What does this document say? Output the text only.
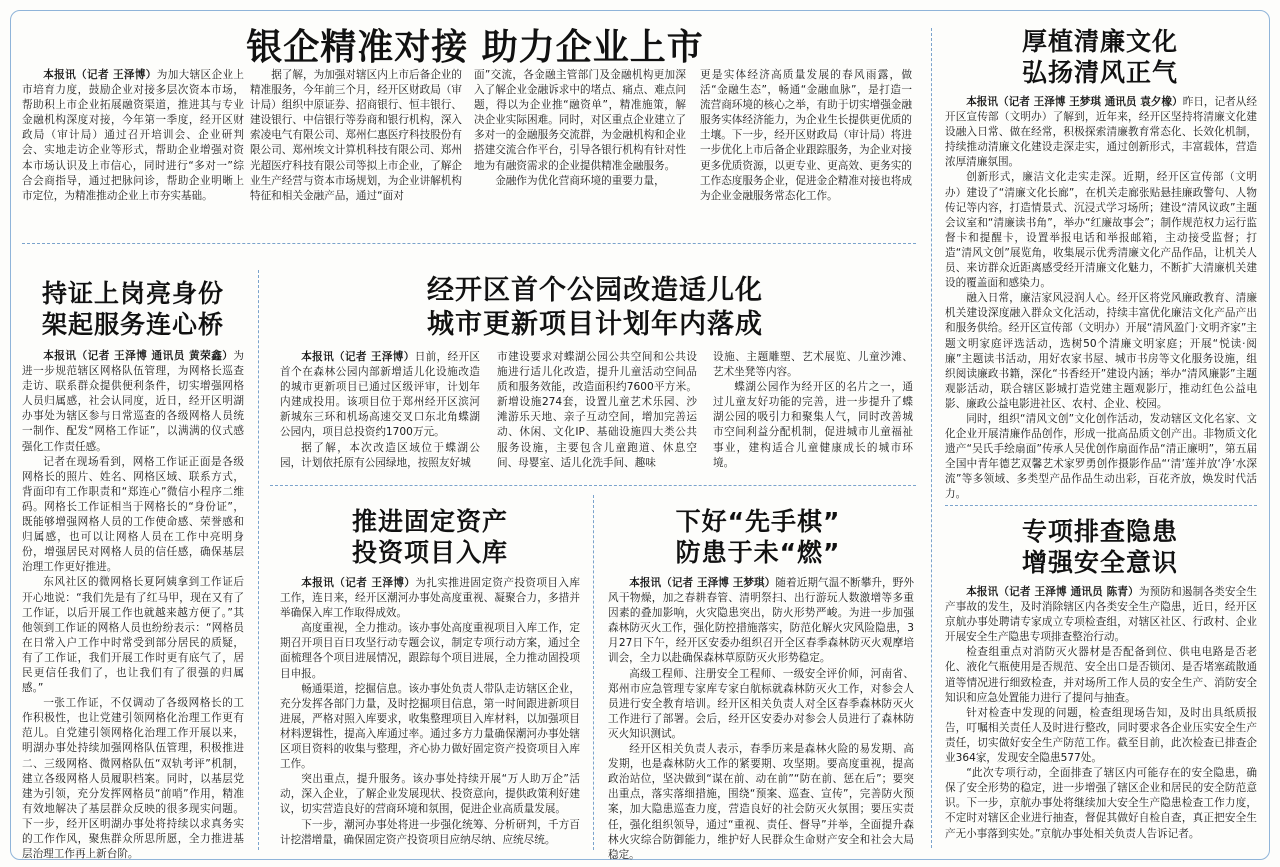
银企精准对接 助力企业上市

本报讯（记者 王泽博）为加大辖区企业上市培育力度，鼓励企业对接多层次资本市场，帮助积上市企业拓展融资渠道，推进其与专业金融机构深度对接，今年第一季度，经开区财政局（审计局）通过召开培训会、企业研判会、实地走访企业等形式，帮助企业增强对资本市场认识及上市信心，同时进行“多对一”综合会商指导，通过把脉问诊，帮助企业明晰上市定位，为精准推动企业上市夯实基础。

据了解，为加强对辖区内上市后备企业的精准服务，今年前三个月，经开区财政局（审计局）组织中原证券、招商银行、恒丰银行、建设银行、中信银行等券商和银行机构，深入索凌电气有限公司、郑州仁惠医疗科技股份有限公司、郑州埃文计算机科技有限公司、郑州光超医疗科技有限公司等拟上市企业，了解企业生产经营与资本市场规划，为企业讲解机构特征和相关金融产品，通过“面对

面”交流，各金融主管部门及金融机构更加深入了解企业金融诉求中的堵点、痛点、难点问题，得以为企业推“融资单”，精准施策，解决企业实际困难。同时，对区重点企业建立了多对一的金融服务交流群，为金融机构和企业搭建交流合作平台，引导各银行机构有针对性地为有融资需求的企业提供精准金融服务。

金融作为优化营商环境的重要力量，

更是实体经济高质量发展的春风雨露，做活“金融生态”，畅通“金融血脉”，是打造一流营商环境的核心之举，有助于切实增强金融服务实体经济能力，为企业生长提供更优质的土壤。下一步，经开区财政局（审计局）将进一步优化上市后备企业跟踪服务，为企业对接更多优质资源，以更专业、更高效、更务实的工作态度服务企业，促进金企精准对接也将成为企业金融服务常态化工作。

持证上岗亮身份
架起服务连心桥

本报讯（记者 王泽博 通讯员 黄荣鑫）为进一步规范辖区网格队伍管理，为网格长巡查走访、联系群众提供便利条件，切实增强网格人员归属感，社会认同度，近日，经开区明湖办事处为辖区参与日常巡查的各级网格人员统一制作、配发“网格工作证”，以满满的仪式感强化工作责任感。

记者在现场看到，网格工作证正面是各级网格长的照片、姓名、网格区域、联系方式，背面印有工作职责和“郑连心”微信小程序二维码。网格长工作证相当于网格长的“身份证”，既能够增强网格人员的工作使命感、荣誉感和归属感，也可以让网格人员在工作中亮明身份，增强居民对网格人员的信任感，确保基层治理工作更好推进。

东风社区的微网格长夏阿姨拿到工作证后开心地说：“我们先是有了红马甲，现在又有了工作证，以后开展工作也就越来越方便了。”其他领到工作证的网格人员也纷纷表示：“网格员在日常入户工作中时常受到部分居民的质疑，有了工作证，我们开展工作时更有底气了，居民更信任我们了，也让我们有了很强的归属感。”

一张工作证，不仅调动了各级网格长的工作积极性，也让党建引领网格化治理工作更有范儿。自党建引领网格化治理工作开展以来，明湖办事处持续加强网格队伍管理，积极推进二、三级网格、微网格队伍“双轨考评”机制，建立各级网格人员履职档案。同时，以基层党建为引领，充分发挥网格员“前哨”作用，精准有效地解决了基层群众反映的很多现实问题。下一步，经开区明湖办事处将持续以求真务实的工作作风，聚焦群众所思所愿，全力推进基层治理工作再上新台阶。

经开区首个公园改造适儿化
城市更新项目计划年内落成

本报讯（记者 王泽博）日前，经开区首个在森林公园内部新增适儿化设施改造的城市更新项目已通过区级评审，计划年内建成投用。该项目位于郑州经开区滨河新城东三环和机场高速交叉口东北角蝶湖公园内，项目总投资约1700万元。

据了解，本次改造区域位于蝶湖公园，计划依托原有公园绿地，按照友好城

市建设要求对蝶湖公园公共空间和公共设施进行适儿化改造，提升儿童活动空间品质和服务效能，改造面积约7600平方米。新增设施274套，设置儿童艺术乐园、沙滩游乐天地、亲子互动空间，增加完善运动、休闲、文化IP、基础设施四大类公共服务设施，主要包含儿童跑道、休息空间、母婴室、适儿化洗手间、趣味

设施、主题雕塑、艺术展览、儿童沙滩、艺术坐凳等内容。

蝶湖公园作为经开区的名片之一，通过儿童友好功能的完善，进一步提升了蝶湖公园的吸引力和聚集人气，同时改善城市空间利益分配机制，促进城市儿童福祉事业，建构适合儿童健康成长的城市环境。

推进固定资产
投资项目入库

本报讯（记者 王泽博）为扎实推进固定资产投资项目入库工作，连日来，经开区潮河办事处高度重视、凝聚合力，多措并举确保入库工作取得成效。

高度重视，全力推动。该办事处高度重视项目入库工作，定期召开项目百日攻坚行动专题会议，制定专项行动方案，通过全面梳理各个项目进展情况，跟踪每个项目进展，全力推动固投项目申报。

畅通渠道，挖掘信息。该办事处负责人带队走访辖区企业，充分发挥各部门力量，及时挖掘项目信息，第一时间跟进新项目进展，严格对照入库要求，收集整理项目入库材料，以加强项目材料逻辑性，提高入库通过率。通过多方力量确保潮河办事处辖区项目资料的收集与整理，齐心协力做好固定资产投资项目入库工作。

突出重点，提升服务。该办事处持续开展“万人助万企”活动，深入企业，了解企业发展现状、投资意向，提供政策利好建议，切实营造良好的营商环境和氛围，促进企业高质量发展。

下一步，潮河办事处将进一步强化统筹、分析研判，千方百计挖潜增量，确保固定资产投资项目应纳尽纳、应统尽统。

下好“先手棋”
防患于未“燃”

本报讯（记者 王泽博 王梦琪）随着近期气温不断攀升，野外风干物燥，加之春耕春管、清明祭扫、出行游玩人数激增等多重因素的叠加影响，火灾隐患突出，防火形势严峻。为进一步加强森林防灭火工作，强化防控措施落实，防范化解火灾风险隐患，3月27日下午，经开区安委办组织召开全区春季森林防灭火观摩培训会，全力以赴确保森林草原防灭火形势稳定。

高级工程师、注册安全工程师、一级安全评价师，河南省、郑州市应急管理专家库专家白航标就森林防灭火工作，对参会人员进行安全教育培训。经开区相关负责人对全区春季森林防灭火工作进行了部署。会后，经开区安委办对参会人员进行了森林防灭火知识测试。

经开区相关负责人表示，春季历来是森林火险的易发期、高发期，也是森林防火工作的紧要期、攻坚期。要高度重视，提高政治站位，坚决做到“谋在前、动在前”“防在前、惩在后”；要突出重点，落实落细措施，围绕“预案、巡查、宣传”，完善防火预案，加大隐患巡查力度，营造良好的社会防灭火氛围；要压实责任，强化组织领导，通过“重视、责任、督导”并举，全面提升森林火灾综合防御能力，维护好人民群众生命财产安全和社会大局稳定。

厚植清廉文化
弘扬清风正气

本报讯（记者 王泽博 王梦琪 通讯员 袁夕橡）昨日，记者从经开区宣传部（文明办）了解到，近年来，经开区坚持将清廉文化建设融入日常、做在经常，积极探索清廉教育常态化、长效化机制，持续推动清廉文化建设走深走实，通过创新形式，丰富载体，营造浓厚清廉氛围。

创新形式，廉洁文化走实走深。近期，经开区宣传部（文明办）建设了“清廉文化长廊”，在机关走廊张贴悬挂廉政警句、人物传记等内容，打造情景式、沉浸式学习场所；建设“清风议政”主题会议室和“清廉读书角”，举办“红廉故事会”；制作规范权力运行监督卡和提醒卡，设置举报电话和举报邮箱，主动接受监督；打造“清风文创”展览角，收集展示优秀清廉文化产品作品，让机关人员、来访群众近距离感受经开清廉文化魅力，不断扩大清廉机关建设的覆盖面和感染力。

融入日常，廉洁家风浸润人心。经开区将党风廉政教育、清廉机关建设深度融入群众文化活动，持续丰富优化廉洁文化产品产出和服务供给。经开区宣传部（文明办）开展“清风盈门·文明齐家”主题文明家庭评选活动，选树50个清廉文明家庭；开展“悦读·阅廉”主题读书活动，用好农家书屋、城市书房等文化服务设施，组织阅读廉政书籍，深化“书香经开”建设内涵；举办“清风廉影”主题观影活动，联合辖区影城打造党建主题观影厅，推动红色公益电影、廉政公益电影进社区、农村、企业、校园。

同时，组织“清风文创”文化创作活动，发动辖区文化名家、文化企业开展清廉作品创作，形成一批高品质文创产出。非物质文化遗产“吴氏手绘扇面”传承人吴优创作扇面作品“清正廉明”，第五届全国中青年德艺双馨艺术家罗勇创作摄影作品“‘清’莲并放‘净’水深流”等多领域、多类型产品作品生动出彩，百花齐放，焕发时代活力。

专项排查隐患
增强安全意识

本报讯（记者 王泽博 通讯员 陈青）为预防和遏制各类安全生产事故的发生，及时消除辖区内各类安全生产隐患，近日，经开区京航办事处聘请专家成立专项检查组，对辖区社区、行政村、企业开展安全生产隐患专项排查整治行动。

检查组重点对消防灭火器材是否配备到位、供电电路是否老化、液化气瓶使用是否规范、安全出口是否锁闭、是否堵塞疏散通道等情况进行细致检查，并对场所工作人员的安全生产、消防安全知识和应急处置能力进行了提问与抽查。

针对检查中发现的问题，检查组现场告知，及时出具纸质报告，叮嘱相关责任人及时进行整改，同时要求各企业压实安全生产责任，切实做好安全生产防范工作。截至目前，此次检查已排查企业364家，发现安全隐患577处。

“此次专项行动，全面排查了辖区内可能存在的安全隐患，确保了安全形势的稳定，进一步增强了辖区企业和居民的安全防范意识。下一步，京航办事处将继续加大安全生产隐患检查工作力度，不定时对辖区企业进行抽查，督促其做好自检自查，真正把安全生产无小事落到实处。”京航办事处相关负责人告诉记者。
